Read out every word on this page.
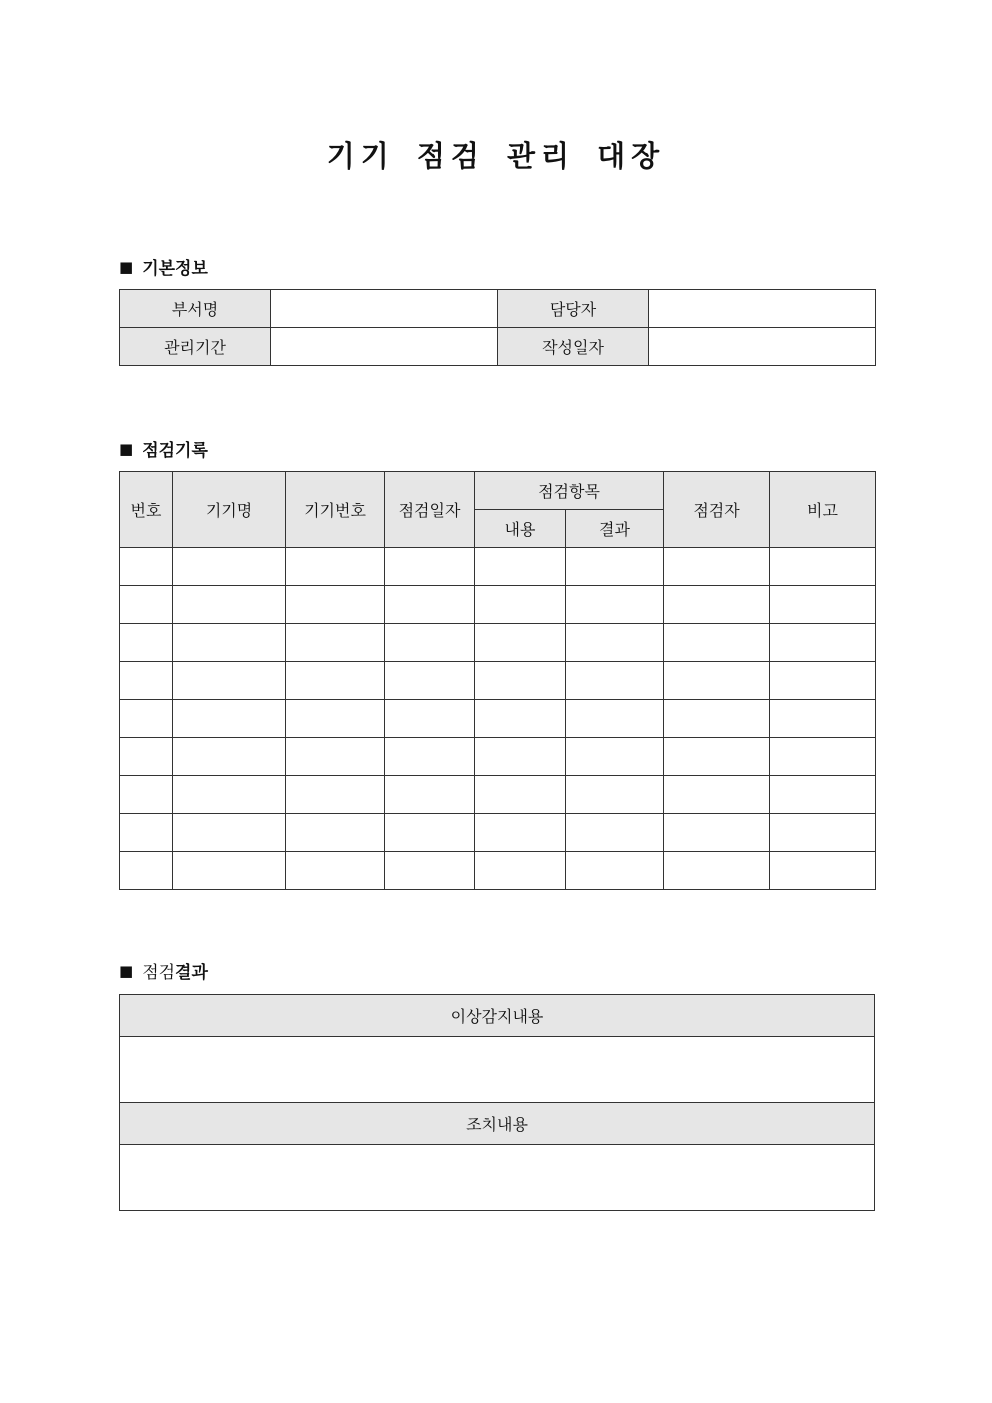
기기 점검 관리 대장
■ 기본정보
부서명		담당자	
관리기간		작성일자	
■ 점검기록
번호	기기명	기기번호	점검일자	점검항목		점검자	비고
				내용	결과		

■ 점검 결과
이상감지내용

조치내용
